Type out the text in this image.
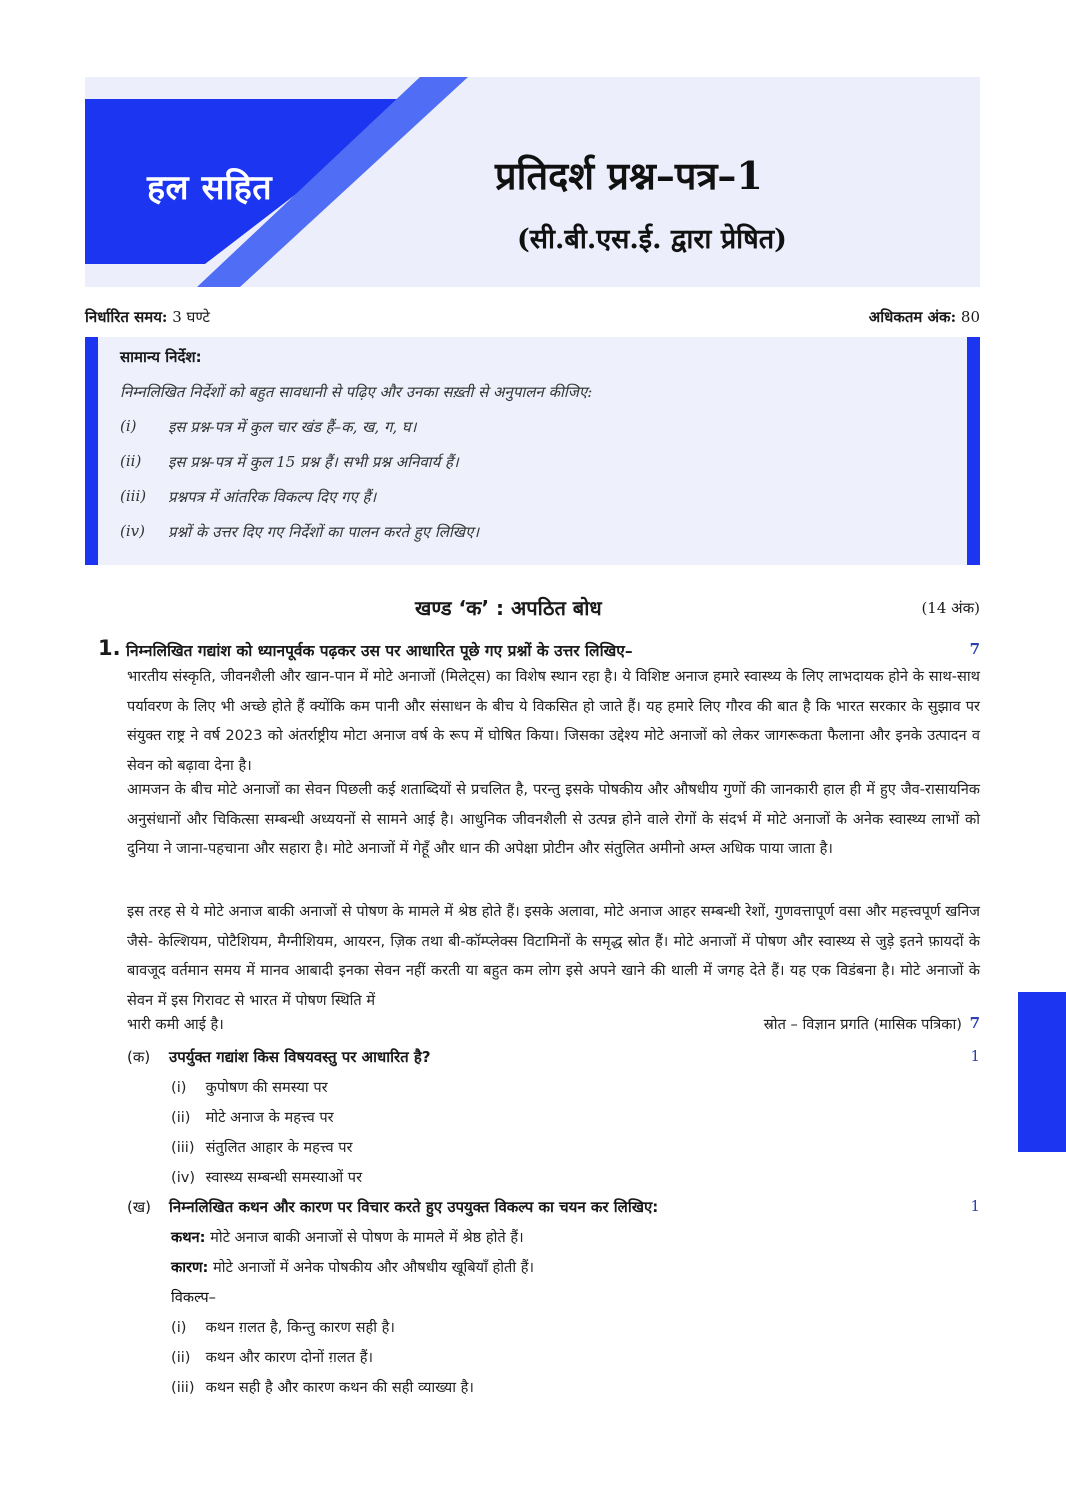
हल सहित	प्रतिदर्श प्रश्न–पत्र–1
(सी.बी.एस.ई. द्वारा प्रेषित)
निर्धारित समय: 3 घण्टे	अधिकतम अंक: 80
सामान्य निर्देश:
निम्नलिखित निर्देशों को बहुत सावधानी से पढ़िए और उनका सख़्ती से अनुपालन कीजिए:
(i)	इस प्रश्न-पत्र में कुल चार खंड हैं–क, ख, ग, घ।
(ii)	इस प्रश्न-पत्र में कुल 15 प्रश्न हैं। सभी प्रश्न अनिवार्य हैं।
(iii)	प्रश्नपत्र में आंतरिक विकल्प दिए गए हैं।
(iv)	प्रश्नों के उत्तर दिए गए निर्देशों का पालन करते हुए लिखिए।
खण्ड ‘क’ : अपठित बोध	(14 अंक)
1. निम्नलिखित गद्यांश को ध्यानपूर्वक पढ़कर उस पर आधारित पूछे गए प्रश्नों के उत्तर लिखिए–	7
भारतीय संस्कृति, जीवनशैली और खान-पान में मोटे अनाजों (मिलेट्स) का विशेष स्थान रहा है। ये विशिष्ट अनाज हमारे स्वास्थ्य के लिए लाभदायक होने के साथ-साथ पर्यावरण के लिए भी अच्छे होते हैं क्योंकि कम पानी और संसाधन के बीच ये विकसित हो जाते हैं। यह हमारे लिए गौरव की बात है कि भारत सरकार के सुझाव पर संयुक्त राष्ट्र ने वर्ष 2023 को अंतर्राष्ट्रीय मोटा अनाज वर्ष के रूप में घोषित किया। जिसका उद्देश्य मोटे अनाजों को लेकर जागरूकता फैलाना और इनके उत्पादन व सेवन को बढ़ावा देना है।
आमजन के बीच मोटे अनाजों का सेवन पिछली कई शताब्दियों से प्रचलित है, परन्तु इसके पोषकीय और औषधीय गुणों की जानकारी हाल ही में हुए जैव-रासायनिक अनुसंधानों और चिकित्सा सम्बन्धी अध्ययनों से सामने आई है। आधुनिक जीवनशैली से उत्पन्न होने वाले रोगों के संदर्भ में मोटे अनाजों के अनेक स्वास्थ्य लाभों को दुनिया ने जाना-पहचाना और सहारा है। मोटे अनाजों में गेहूँ और धान की अपेक्षा प्रोटीन और संतुलित अमीनो अम्ल अधिक पाया जाता है।
इस तरह से ये मोटे अनाज बाकी अनाजों से पोषण के मामले में श्रेष्ठ होते हैं। इसके अलावा, मोटे अनाज आहर सम्बन्धी रेशों, गुणवत्तापूर्ण वसा और महत्त्वपूर्ण खनिज जैसे- केल्शियम, पोटैशियम, मैग्नीशियम, आयरन, ज़िक तथा बी-कॉम्प्लेक्स विटामिनों के समृद्ध स्रोत हैं। मोटे अनाजों में पोषण और स्वास्थ्य से जुड़े इतने फ़ायदों के बावजूद वर्तमान समय में मानव आबादी इनका सेवन नहीं करती या बहुत कम लोग इसे अपने खाने की थाली में जगह देते हैं। यह एक विडंबना है। मोटे अनाजों के सेवन में इस गिरावट से भारत में पोषण स्थिति में
भारी कमी आई है।	स्रोत – विज्ञान प्रगति (मासिक पत्रिका) 7
(क) उपर्युक्त गद्यांश किस विषयवस्तु पर आधारित है?	1
(i) कुपोषण की समस्या पर
(ii) मोटे अनाज के महत्त्व पर
(iii) संतुलित आहार के महत्त्व पर
(iv) स्वास्थ्य सम्बन्धी समस्याओं पर
(ख) निम्नलिखित कथन और कारण पर विचार करते हुए उपयुक्त विकल्प का चयन कर लिखिए:	1
कथन: मोटे अनाज बाकी अनाजों से पोषण के मामले में श्रेष्ठ होते हैं।
कारण: मोटे अनाजों में अनेक पोषकीय और औषधीय खूबियाँ होती हैं।
विकल्प–
(i) कथन ग़लत है, किन्तु कारण सही है।
(ii) कथन और कारण दोनों ग़लत हैं।
(iii) कथन सही है और कारण कथन की सही व्याख्या है।
